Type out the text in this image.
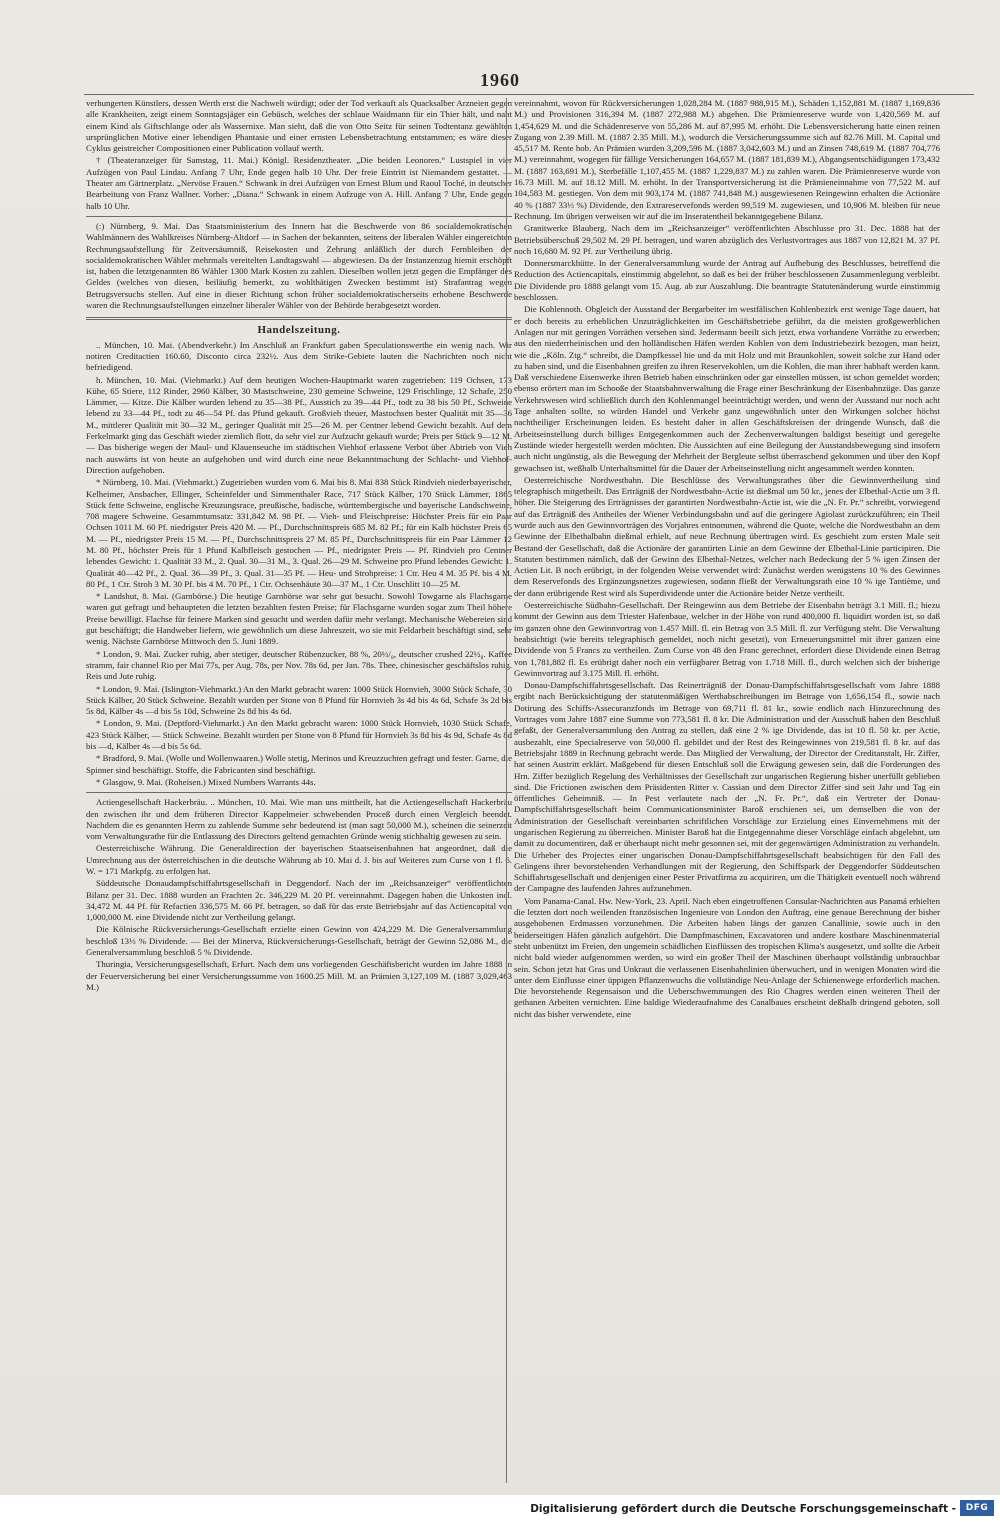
1960

verhungerten Künstlers, dessen Werth erst die Nachwelt würdigt; oder der Tod verkauft als Quacksalber Arzneien gegen alle Krankheiten, zeigt einem Sonntagsjäger ein Gebüsch, welches der schlaue Waidmann für ein Thier hält, und naht einem Kind als Giftschlange oder als Wassernixe. Man sieht, daß die von Otto Seitz für seinen Todtentanz gewählten ursprünglichen Motive einer lebendigen Phantasie und einer ernsten Lebensbetrachtung entstammen; es wäre dieser Cyklus geistreicher Compositionen einer Publication vollauf werth.

† (Theateranzeiger für Samstag, 11. Mai.) Königl. Residenztheater. „Die beiden Leonoren.“ Lustspiel in vier Aufzügen von Paul Lindau. Anfang 7 Uhr, Ende gegen halb 10 Uhr. Der freie Eintritt ist Niemandem gestattet. — Theater am Gärtnerplatz. „Nervöse Frauen.“ Schwank in drei Aufzügen von Ernest Blum und Raoul Toché, in deutscher Bearbeitung von Franz Wallner. Vorher: „Diana.“ Schwank in einem Aufzuge von A. Hill. Anfang 7 Uhr, Ende gegen halb 10 Uhr.

(:) Nürnberg, 9. Mai. Das Staatsministerium des Innern hat die Beschwerde von 86 socialdemokratischen Wahlmännern des Wahlkreises Nürnberg-Altdorf — in Sachen der bekannten, seitens der liberalen Wähler eingereichten Rechnungsaufstellung für Zeitversäumniß, Reisekosten und Zehrung anläßlich der durch Fernbleiben der socialdemokratischen Wähler mehrmals vereitelten Landtagswahl — abgewiesen. Da der Instanzenzug hiemit erschöpft ist, haben die letztgenannten 86 Wähler 1300 Mark Kosten zu zahlen. Dieselben wollen jetzt gegen die Empfänger des Geldes (welches von diesen, beiläufig bemerkt, zu wohlthätigen Zwecken bestimmt ist) Strafantrag wegen Betrugsversuchs stellen. Auf eine in dieser Richtung schon früher socialdemokratischerseits erhobene Beschwerde waren die Rechnungsaufstellungen einzelner liberaler Wähler von der Behörde herabgesetzt worden.

Handelszeitung.

.. München, 10. Mai. (Abendverkehr.) Im Anschluß an Frankfurt gaben Speculationswerthe ein wenig nach. Wir notiren Creditactien 160.60, Disconto circa 232½. Aus dem Strike-Gebiete lauten die Nachrichten noch nicht befriedigend.

h. München, 10. Mai. (Viehmarkt.) Auf dem heutigen Wochen-Hauptmarkt waren zugetrieben: 119 Ochsen, 173 Kühe, 65 Stiere, 112 Rinder, 2960 Kälber, 30 Mastschweine, 230 gemeine Schweine, 129 Frischlinge, 12 Schafe, 250 Lämmer, — Kitze. Die Kälber wurden lebend zu 35—38 Pf., Ausstich zu 39—44 Pf., todt zu 38 bis 50 Pf., Schweine lebend zu 33—44 Pf., todt zu 46—54 Pf. das Pfund gekauft. Großvieh theuer, Mastochsen bester Qualität mit 35—36 M., mittlerer Qualität mit 30—32 M., geringer Qualität mit 25—26 M. per Centner lebend Gewicht bezahlt. Auf dem Ferkelmarkt ging das Geschäft wieder ziemlich flott, da sehr viel zur Aufzucht gekauft wurde; Preis per Stück 9—12 M. — Das bisherige wegen der Maul- und Klauenseuche im städtischen Viehhof erlassene Verbot über Abtrieb von Vieh nach auswärts ist von heute an aufgehoben und wird durch eine neue Bekanntmachung der Schlacht- und Viehhof-Direction aufgehoben.

* Nürnberg, 10. Mai. (Viehmarkt.) Zugetrieben wurden vom 6. Mai bis 8. Mai 838 Stück Rindvieh niederbayerischer, Kelheimer, Ansbacher, Ellinger, Scheinfelder und Simmenthaler Race, 717 Stück Kälber, 170 Stück Lämmer, 1865 Stück fette Schweine, englische Kreuzungsrace, preußische, badische, württembergische und bayerische Landschweine, 708 magere Schweine. Gesammtumsatz: 331,842 M. 98 Pf. — Vieh- und Fleischpreise: Höchster Preis für ein Paar Ochsen 1011 M. 60 Pf. niedrigster Preis 420 M. — Pf., Durchschnittspreis 685 M. 82 Pf.; für ein Kalb höchster Preis 65 M. — Pf., niedrigster Preis 15 M. — Pf., Durchschnittspreis 27 M. 85 Pf., Durchschnittspreis für ein Paar Lämmer 12 M. 80 Pf., höchster Preis für 1 Pfund Kalbfleisch gestochen — Pf., niedrigster Preis — Pf. Rindvieh pro Centner lebendes Gewicht: 1. Qualität 33 M., 2. Qual. 30—31 M., 3. Qual. 26—29 M. Schweine pro Pfund lebendes Gewicht: 1. Qualität 40—42 Pf., 2. Qual. 36—39 Pf., 3. Qual. 31—35 Pf. — Heu- und Strohpreise: 1 Ctr. Heu 4 M. 35 Pf. bis 4 M. 80 Pf., 1 Ctr. Stroh 3 M. 30 Pf. bis 4 M. 70 Pf., 1 Ctr. Ochsenhäute 30—37 M., 1 Ctr. Unschlitt 10—25 M.

* Landshut, 8. Mai. (Garnbörse.) Die heutige Garnbörse war sehr gut besucht. Sowohl Towgarne als Flachsgarne waren gut gefragt und behaupteten die letzten bezahlten festen Preise; für Flachsgarne wurden sogar zum Theil höhere Preise bewilligt. Flachse für feinere Marken sind gesucht und werden dafür mehr verlangt. Mechanische Webereien sind gut beschäftigt; die Handweber liefern, wie gewöhnlich um diese Jahreszeit, wo sie mit Feldarbeit beschäftigt sind, sehr wenig. Nächste Garnbörse Mittwoch den 5. Juni 1889.

* London, 9. Mai. Zucker ruhig, aber stetiger, deutscher Rübenzucker, 88 %, 20⅓/₈, deutscher crushed 22½₈. Kaffee stramm, fair channel Rio per Mai 77s, per Aug. 78s, per Nov. 78s 6d, per Jan. 78s. Thee, chinesischer geschäftslos ruhig. Reis und Jute ruhig.

* London, 9. Mai. (Islington-Viehmarkt.) An den Markt gebracht waren: 1000 Stück Hornvieh, 3000 Stück Schafe, 30 Stück Kälber, 20 Stück Schweine. Bezahlt wurden per Stone von 8 Pfund für Hornvieh 3s 4d bis 4s 6d, Schafe 3s 2d bis 5s 8d, Kälber 4s —d bis 5s 10d, Schweine 2s 8d bis 4s 6d.

* London, 9. Mai. (Deptford-Viehmarkt.) An den Markt gebracht waren: 1000 Stück Hornvieh, 1030 Stück Schafe, 423 Stück Kälber, — Stück Schweine. Bezahlt wurden per Stone von 8 Pfund für Hornvieh 3s 8d bis 4s 9d, Schafe 4s 8d bis —d, Kälber 4s —d bis 5s 6d.

* Bradford, 9. Mai. (Wolle und Wollenwaaren.) Wolle stetig, Merinos und Kreuzzuchten gefragt und fester. Garne, die Spinner sind beschäftigt. Stoffe, die Fabricanten sind beschäftigt.

* Glasgow, 9. Mai. (Roheisen.) Mixed Numbers Warrants 44s.

Actiengesellschaft Hackerbräu. .. München, 10. Mai. Wie man uns mittheilt, hat die Actiengesellschaft Hackerbräu den zwischen ihr und dem früheren Director Kappelmeier schwebenden Proceß durch einen Vergleich beendet. Nachdem die es genannten Herrn zu zahlende Summe sehr bedeutend ist (man sagt 50,000 M.), scheinen die seinerzeit vom Verwaltungsrathe für die Entlassung des Directors geltend gemachten Gründe wenig stichhaltig gewesen zu sein.

Oesterreichische Währung. Die Generaldirection der bayerischen Staatseisenbahnen hat angeordnet, daß die Umrechnung aus der österreichischen in die deutsche Währung ab 10. Mai d. J. bis auf Weiteres zum Curse von 1 fl. 6. W. = 171 Markpfg. zu erfolgen hat.

Süddeutsche Donaudampfschiffahrtsgesellschaft in Deggendorf. Nach der im „Reichsanzeiger“ veröffentlichten Bilanz per 31. Dec. 1888 wurden an Frachten 2c. 346,229 M. 20 Pf. vereinnahmt. Dagegen haben die Unkosten incl. 34,472 M. 44 Pf. für Refactien 336,575 M. 66 Pf. betragen, so daß für das erste Betriebsjahr auf das Actiencapital von 1,000,000 M. eine Dividende nicht zur Vertheilung gelangt.

Die Kölnische Rückversicherungs-Gesellschaft erzielte einen Gewinn von 424,229 M. Die Generalversammlung beschloß 13⅓ % Dividende. — Bei der Minerva, Rückversicherungs-Gesellschaft, beträgt der Gewinn 52,086 M., die Generalversammlung beschloß 5 % Dividende.

Thuringia, Versicherungsgesellschaft, Erfurt. Nach dem uns vorliegenden Geschäftsbericht wurden im Jahre 1888 in der Feuerversicherung bei einer Versicherungssumme von 1600.25 Mill. M. an Prämien 3,127,109 M. (1887 3,029,463 M.)

vereinnahmt, wovon für Rückversicherungen 1,028,284 M. (1887 988,915 M.), Schäden 1,152,881 M. (1887 1,169,836 M.) und Provisionen 316,394 M. (1887 272,988 M.) abgehen. Die Prämienreserve wurde von 1,420,569 M. auf 1,454,629 M. und die Schädenreserve von 55,286 M. auf 87,995 M. erhöht. Die Lebensversicherung hatte einen reinen Zugang von 2.39 Mill. M. (1887 2.35 Mill. M.), wodurch die Versicherungssumme sich auf 82.76 Mill. M. Capital und 45,517 M. Rente hob. An Prämien wurden 3,209,596 M. (1887 3,042,603 M.) und an Zinsen 748,619 M. (1887 704,776 M.) vereinnahmt, wogegen für fällige Versicherungen 164,657 M. (1887 181,839 M.), Abgangsentschädigungen 173,432 M. (1887 163,691 M.), Sterbefälle 1,107,455 M. (1887 1,229,837 M.) zu zahlen waren. Die Prämienreserve wurde von 16.73 Mill. M. auf 18.12 Mill. M. erhöht. In der Transportversicherung ist die Prämieneinnahme von 77,522 M. auf 104,583 M. gestiegen. Von dem mit 903,174 M. (1887 741,848 M.) ausgewiesenen Reingewinn erhalten die Actionäre 40 % (1887 33⅓ %) Dividende, den Extrareservefonds werden 99,519 M. zugewiesen, und 10,906 M. bleiben für neue Rechnung. Im übrigen verweisen wir auf die im Inseratentheil bekanntgegebene Bilanz.

Granitwerke Blauberg. Nach dem im „Reichsanzeiger“ veröffentlichten Abschlusse pro 31. Dec. 1888 hat der Betriebsüberschuß 29,502 M. 29 Pf. betragen, und waren abzüglich des Verlustvortrages aus 1887 von 12,821 M. 37 Pf. noch 16,680 M. 92 Pf. zur Vertheilung übrig.

Donnersmarckhütte. In der Generalversammlung wurde der Antrag auf Aufhebung des Beschlusses, betreffend die Reduction des Actiencapitals, einstimmig abgelehnt, so daß es bei der früher beschlossenen Zusammenlegung verbleibt. Die Dividende pro 1888 gelangt vom 15. Aug. ab zur Auszahlung. Die beantragte Statutenänderung wurde einstimmig beschlossen.

Die Kohlennoth. Obgleich der Ausstand der Bergarbeiter im westfälischen Kohlenbezirk erst wenige Tage dauert, hat er doch bereits zu erheblichen Unzuträglichkeiten im Geschäftsbetriebe geführt, da die meisten großgewerblichen Anlagen nur mit geringen Vorräthen versehen sind. Jedermann beeilt sich jetzt, etwa vorhandene Vorräthe zu erwerben; aus den niederrheinischen und den holländischen Häfen werden Kohlen von dem Industriebezirk bezogen, man heizt, wie die „Köln. Ztg.“ schreibt, die Dampfkessel hie und da mit Holz und mit Braunkohlen, soweit solche zur Hand oder zu haben sind, und die Eisenbahnen greifen zu ihren Reservekohlen, um die Kohlen, die man ihrer habhaft werden kann. Daß verschiedene Eisenwerke ihren Betrieb haben einschränken oder gar einstellen müssen, ist schon gemeldet worden; ebenso erörtert man im Schooße der Staatsbahnverwaltung die Frage einer Beschränkung der Eisenbahnzüge. Das ganze Verkehrswesen wird schließlich durch den Kohlenmangel beeinträchtigt werden, und wenn der Ausstand nur noch acht Tage anhalten sollte, so würden Handel und Verkehr ganz ungewöhnlich unter den Wirkungen solcher höchst nachtheiliger Erscheinungen leiden. Es besteht daher in allen Geschäftskreisen der dringende Wunsch, daß die Arbeitseinstellung durch billiges Entgegenkommen auch der Zechenverwaltungen baldigst beseitigt und geregelte Zustände wieder hergestellt werden möchten. Die Aussichten auf eine Beilegung der Ausstandsbewegung sind insofern auch nicht ungünstig, als die Bewegung der Mehrheit der Bergleute selbst überraschend gekommen und über den Kopf gewachsen ist, weßhalb Unterhaltsmittel für die Dauer der Arbeitseinstellung nicht angesammelt werden konnten.

Oesterreichische Nordwestbahn. Die Beschlüsse des Verwaltungsrathes über die Gewinnvertheilung sind telegraphisch mitgetheilt. Das Erträgniß der Nordwestbahn-Actie ist dießmal um 50 kr., jenes der Elbethal-Actie um 3 fl. höher. Die Steigerung des Erträgnisses der garantirten Nordwestbahn-Actie ist, wie die „N. Fr. Pr.“ schreibt, vorwiegend auf das Erträgniß des Antheiles der Wiener Verbindungsbahn und auf die geringere Agiolast zurückzuführen; ein Theil wurde auch aus den Gewinnvorträgen des Vorjahres entnommen, während die Quote, welche die Nordwestbahn an dem Gewinne der Elbethalbahn dießmal erhielt, auf neue Rechnung übertragen wird. Es geschieht zum ersten Male seit Bestand der Gesellschaft, daß die Actionäre der garantirten Linie an dem Gewinne der Elbethal-Linie participiren. Die Statuten bestimmen nämlich, daß der Gewinn des Elbethal-Netzes, welcher nach Bedeckung der 5 % igen Zinsen der Actien Lit. B noch erübrigt, in der folgenden Weise verwendet wird: Zunächst werden wenigstens 10 % des Gewinnes dem Reservefonds des Ergänzungsnetzes zugewiesen, sodann fließt der Verwaltungsrath eine 10 % ige Tantième, und der dann erübrigende Rest wird als Superdividende unter die Actionäre beider Netze vertheilt.

Oesterreichische Südbahn-Gesellschaft. Der Reingewinn aus dem Betriebe der Eisenbahn beträgt 3.1 Mill. fl.; hiezu kommt der Gewinn aus dem Triester Hafenbaue, welcher in der Höhe von rund 400,000 fl. liquidirt worden ist, so daß im ganzen ohne den Gewinnvortrag von 1.457 Mill. fl. ein Betrag von 3.5 Mill. fl. zur Verfügung steht. Die Verwaltung beabsichtigt (wie bereits telegraphisch gemeldet, noch nicht gesetzt), von Erneuerungsmittel mit ihrer ganzen eine Dividende von 5 Francs zu vertheilen. Zum Curse von 48 den Franc gerechnet, erfordert diese Dividende einen Betrag von 1,781,882 fl. Es erübrigt daher noch ein verfügbarer Betrag von 1.718 Mill. fl., durch welchen sich der bisherige Gewinnvortrag auf 3.175 Mill. fl. erhöht.

Donau-Dampfschiffahrtsgesellschaft. Das Reinerträgniß der Donau-Dampfschiffahrtsgesellschaft vom Jahre 1888 ergibt nach Berücksichtigung der statutenmäßigen Werthabschreibungen im Betrage von 1,656,154 fl., sowie nach Dotirung des Schiffs-Assecuranzfonds im Betrage von 69,711 fl. 81 kr., sowie endlich nach Hinzurechnung des Vortrages vom Jahre 1887 eine Summe von 773,581 fl. 8 kr. Die Administration und der Ausschuß haben den Beschluß gefaßt, der Generalversammlung den Antrag zu stellen, daß eine 2 % ige Dividende, das ist 10 fl. 50 kr. per Actie, ausbezahlt, eine Specialreserve von 50,000 fl. gebildet und der Rest des Reingewinnes von 219,581 fl. 8 kr. auf das Betriebsjahr 1889 in Rechnung gebracht werde. Das Mitglied der Verwaltung, der Director der Creditanstalt, Hr. Ziffer, hat seinen Austritt erklärt. Maßgebend für diesen Entschluß soll die Erwägung gewesen sein, daß die Forderungen des Hrn. Ziffer bezüglich Regelung des Verhältnisses der Gesellschaft zur ungarischen Regierung bisher unerfüllt geblieben sind. Die Frictionen zwischen dem Präsidenten Ritter v. Cassian und dem Director Ziffer sind seit Jahr und Tag ein öffentliches Geheimniß. — In Pest verlautete nach der „N. Fr. Pr.“, daß ein Vertreter der Donau-Dampfschiffahrtsgesellschaft beim Communicationsminister Baroß erschienen sei, um demselben die von der Administration der Gesellschaft vereinbarten schriftlichen Vorschläge zur Erzielung eines Einvernehmens mit der ungarischen Regierung zu überreichen. Minister Baroß hat die Entgegennahme dieser Vorschläge einfach abgelehnt, um damit zu documentiren, daß er überhaupt nicht mehr gesonnen sei, mit der gegenwärtigen Administration zu verhandeln. Die Urheber des Projectes einer ungarischen Donau-Dampfschiffahrtsgesellschaft beabsichtigen für den Fall des Gelingens ihrer bevorstehenden Verhandlungen mit der Regierung, den Schiffspark der Deggendorfer Süddeutschen Schiffahrtsgesellschaft und denjenigen einer Pester Privatfirma zu acquiriren, um die Thätigkeit eventuell noch während der Campagne des laufenden Jahres aufzunehmen.

Vom Panama-Canal. Hw. New-York, 23. April. Nach eben eingetroffenen Consular-Nachrichten aus Panamá erhielten die letzten dort noch weilenden französischen Ingenieure von London den Auftrag, eine genaue Berechnung der bisher ausgehobenen Erdmassen vorzunehmen. Die Arbeiten haben längs der ganzen Canallinie, sowie auch in den beiderseitigen Häfen gänzlich aufgehört. Die Dampfmaschinen, Excavatoren und andere kostbare Maschinenmaterial steht unbenützt im Freien, den ungemein schädlichen Einflüssen des tropischen Klima's ausgesetzt, und sollte die Arbeit nicht bald wieder aufgenommen werden, so wird ein großer Theil der Maschinen überhaupt vollständig unbrauchbar sein. Schon jetzt hat Gras und Unkraut die verlassenen Eisenbahnlinien überwuchert, und in wenigen Monaten wird die unter dem Einflusse einer üppigen Pflanzenwuchs die vollständige Neu-Anlage der Schienenwege erforderlich machen. Die bevorstehende Regensaison und die Ueberschwemmungen des Rio Chagres werden einen weiteren Theil der gethanen Arbeiten vernichten. Eine baldige Wiederaufnahme des Canalbaues erscheint deßhalb dringend geboten, soll nicht das bisher verwendete, eine

Digitalisierung gefördert durch die Deutsche Forschungsgemeinschaft -	DFG
